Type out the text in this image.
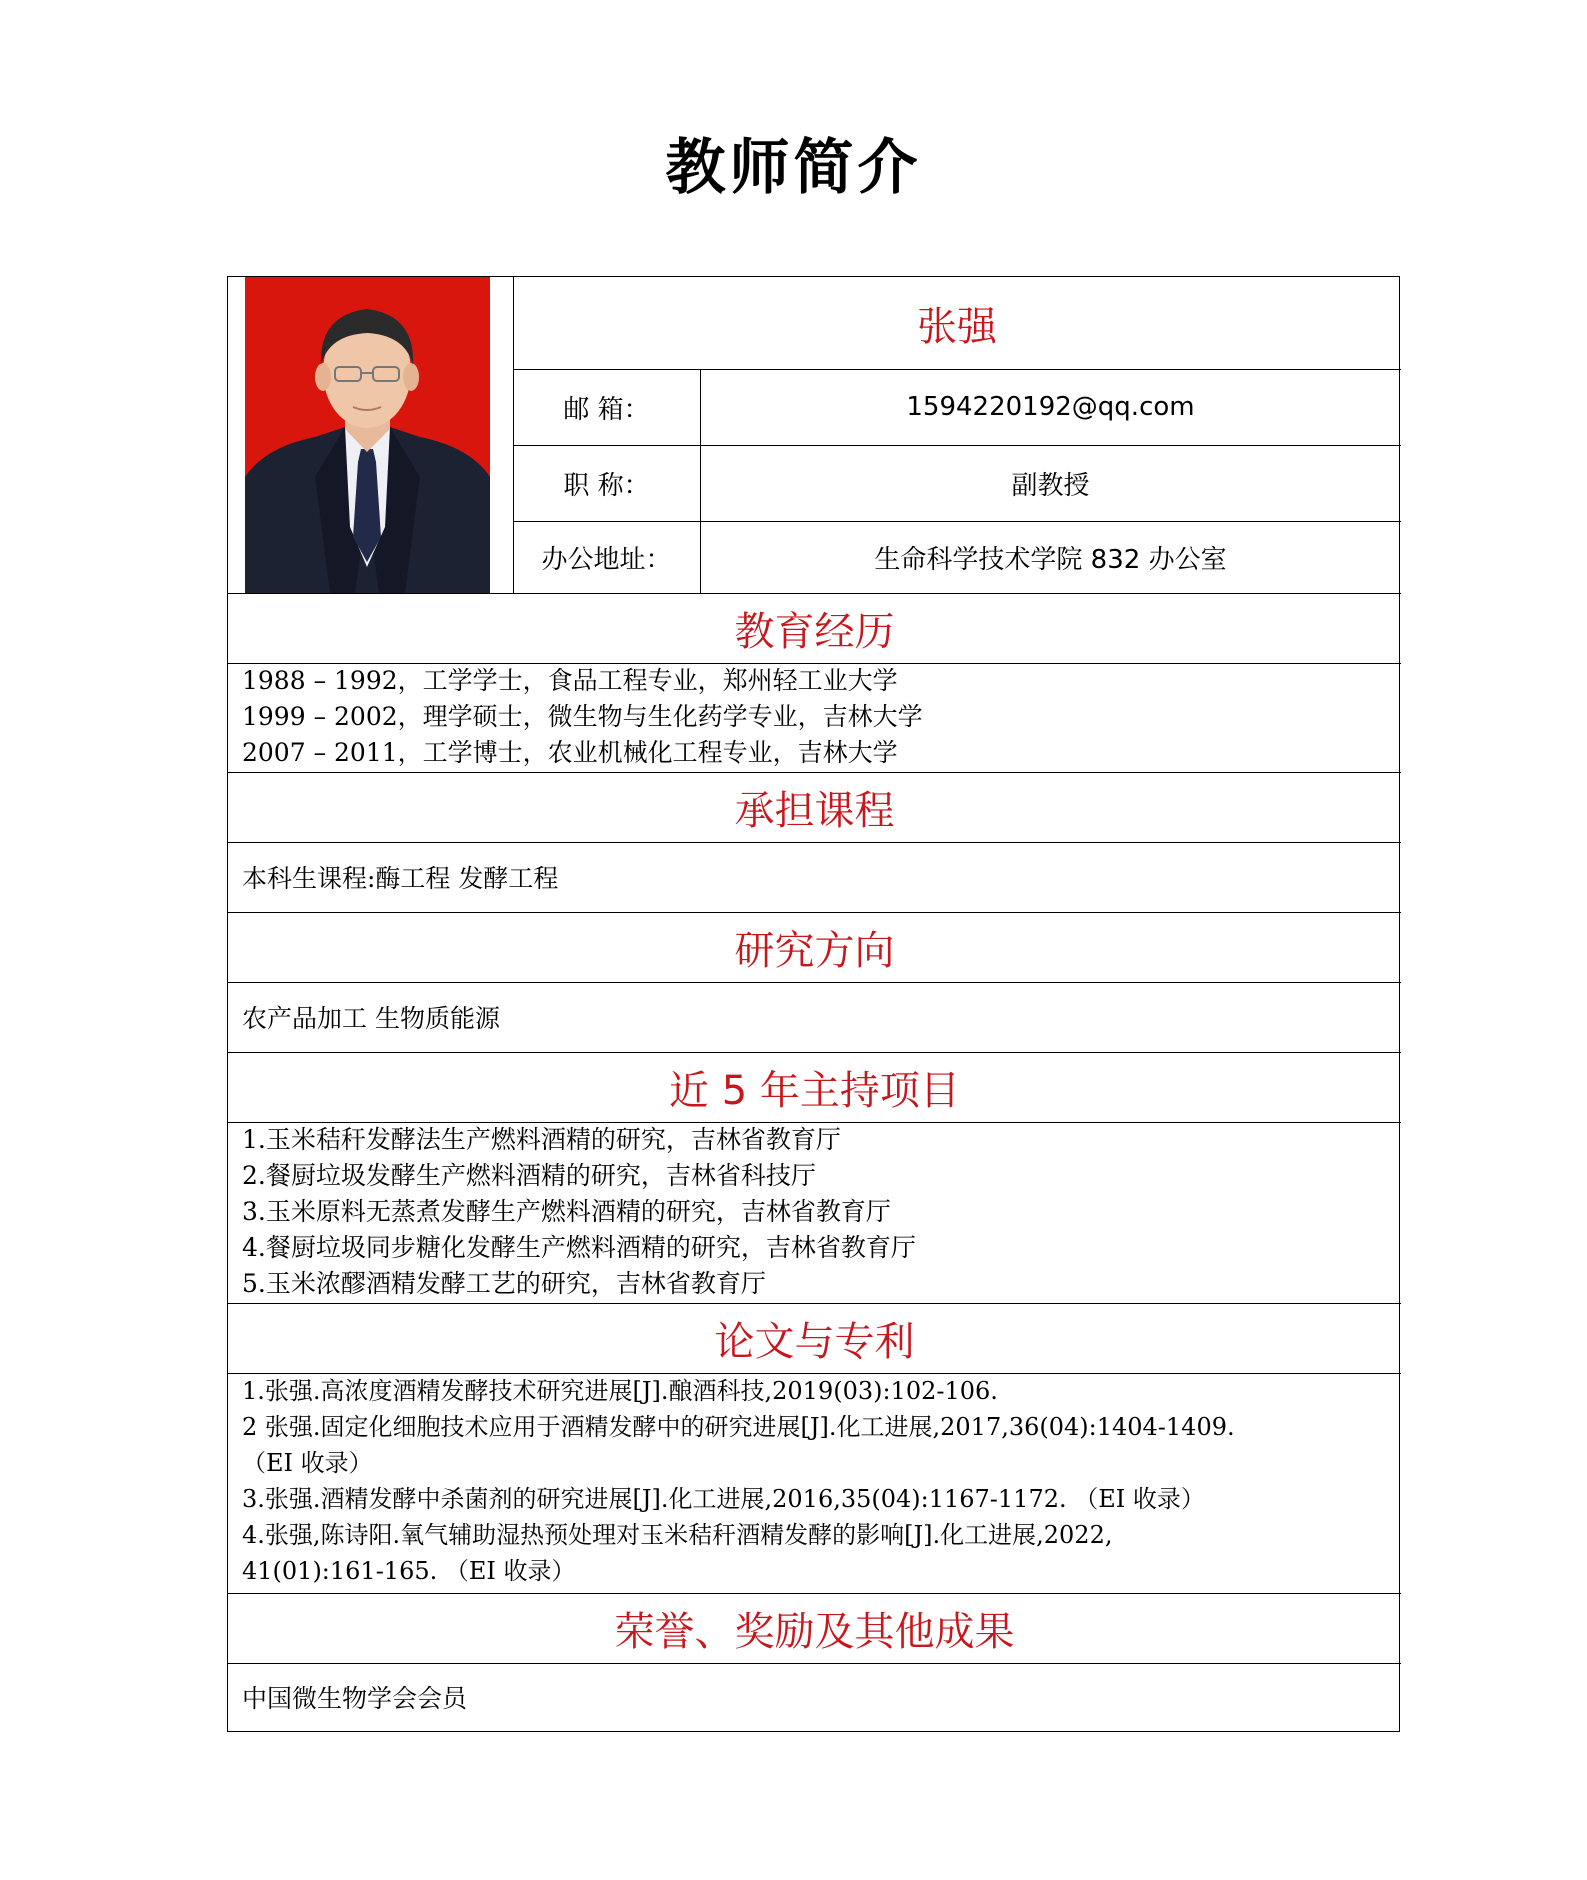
教师简介
张强
邮 箱：	1594220192@qq.com
职 称：	副教授
办公地址：	生命科学技术学院 832 办公室
教育经历
1988 – 1992，工学学士，食品工程专业，郑州轻工业大学
1999 – 2002，理学硕士，微生物与生化药学专业，吉林大学
2007 – 2011，工学博士，农业机械化工程专业，吉林大学
承担课程
本科生课程:酶工程 发酵工程
研究方向
农产品加工 生物质能源
近 5 年主持项目
1.玉米秸秆发酵法生产燃料酒精的研究，吉林省教育厅
2.餐厨垃圾发酵生产燃料酒精的研究，吉林省科技厅
3.玉米原料无蒸煮发酵生产燃料酒精的研究，吉林省教育厅
4.餐厨垃圾同步糖化发酵生产燃料酒精的研究，吉林省教育厅
5.玉米浓醪酒精发酵工艺的研究，吉林省教育厅
论文与专利
1.张强.高浓度酒精发酵技术研究进展[J].酿酒科技,2019(03):102-106.
2 张强.固定化细胞技术应用于酒精发酵中的研究进展[J].化工进展,2017,36(04):1404-1409.
（EI 收录）
3.张强.酒精发酵中杀菌剂的研究进展[J].化工进展,2016,35(04):1167-1172. （EI 收录）
4.张强,陈诗阳.氧气辅助湿热预处理对玉米秸秆酒精发酵的影响[J].化工进展,2022,
41(01):161-165. （EI 收录）
荣誉、奖励及其他成果
中国微生物学会会员
